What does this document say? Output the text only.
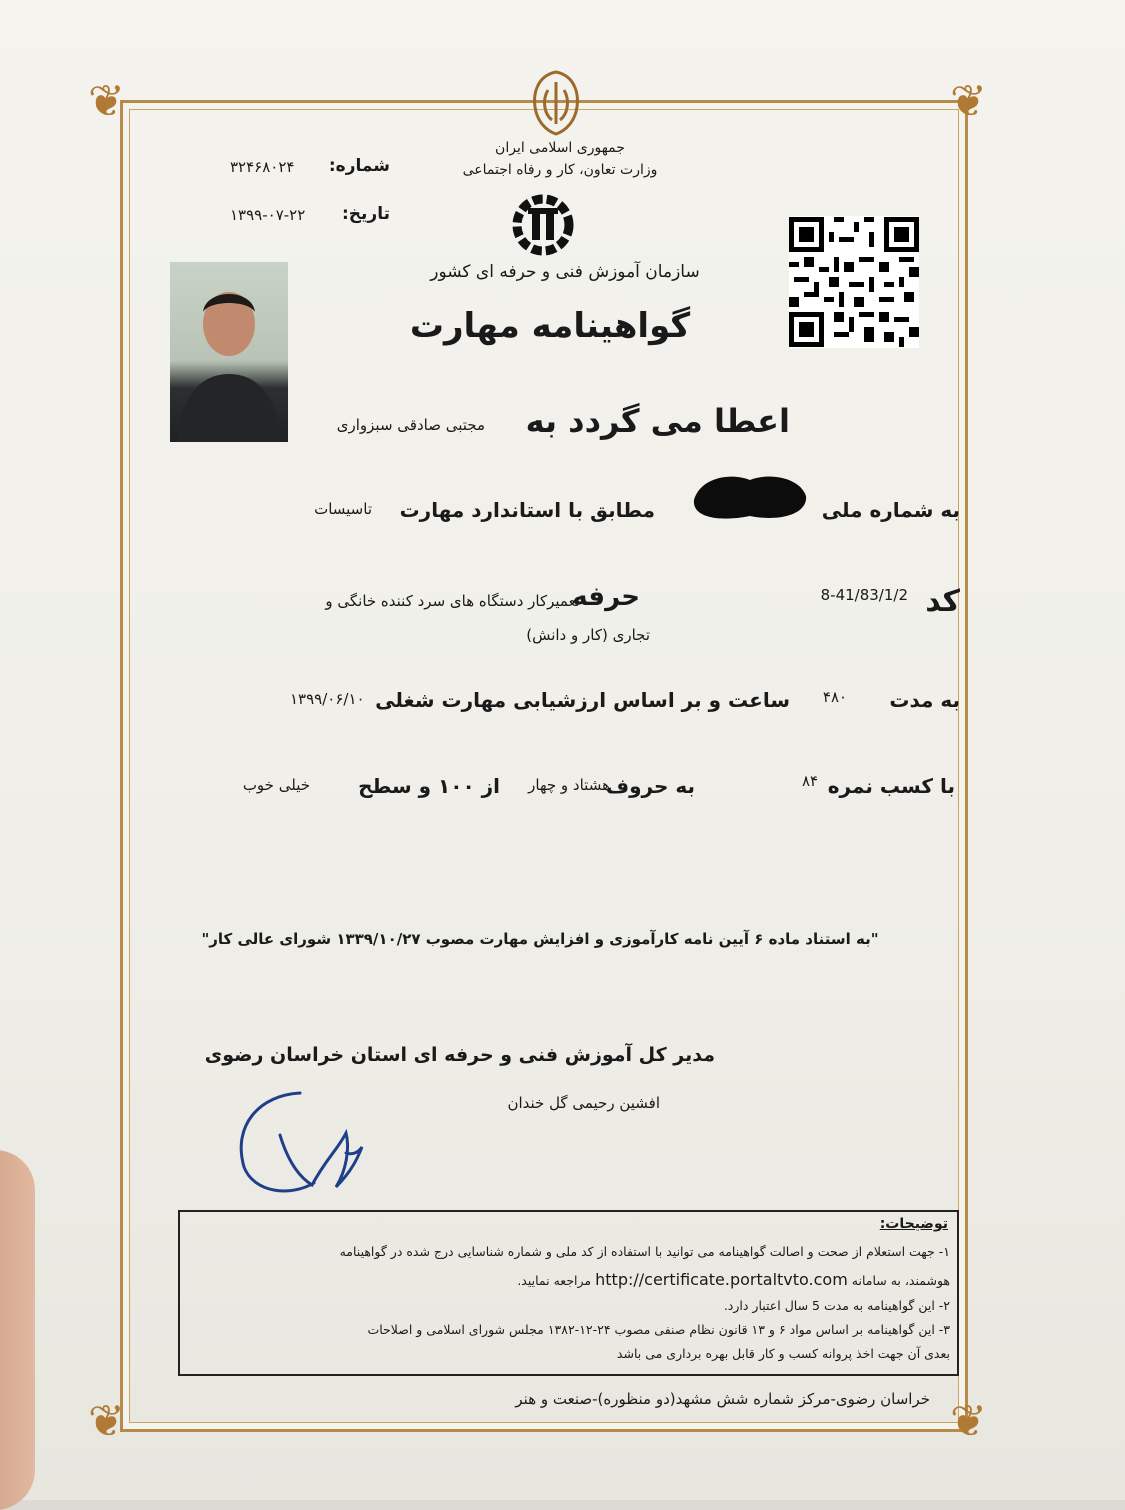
❦	❦
❦	❦
جمهوری اسلامی ایران
وزارت تعاون، کار و رفاه اجتماعی
شماره:
۳۲۴۶۸۰۲۴
تاریخ:
۱۳۹۹-۰۷-۲۲
سازمان آموزش فنی و حرفه ای کشور
گواهینامه مهارت
اعطا می گردد به
مجتبی صادقی سبزواری
به شماره ملی
مطابق با استاندارد مهارت
تاسیسات
کد
8-41/83/1/2
حرفه
تعمیرکار دستگاه های سرد کننده خانگی و
تجاری (کار و دانش)
به مدت
۴۸۰
ساعت و بر اساس ارزشیابی مهارت شغلی
۱۳۹۹/۰۶/۱۰
با کسب نمره
۸۴
به حروف
هشتاد و چهار
از ۱۰۰ و سطح
خیلی خوب
"به استناد ماده ۶ آیین نامه کارآموزی و افزایش مهارت مصوب ۱۳۳۹/۱۰/۲۷ شورای عالی کار"
مدیر کل آموزش فنی و حرفه ای استان خراسان رضوی
افشین رحیمی گل خندان
توضیحات:
۱- جهت استعلام از صحت و اصالت گواهینامه می توانید با استفاده از کد ملی و شماره شناسایی درج شده در گواهینامه
هوشمند، به سامانه http://certificate.portaltvto.com مراجعه نمایید.
۲- این گواهینامه به مدت 5 سال اعتبار دارد.
۳- این گواهینامه بر اساس مواد ۶ و ۱۳ قانون نظام صنفی مصوب ۲۴-۱۲-۱۳۸۲ مجلس شورای اسلامی و اصلاحات
بعدی آن جهت اخذ پروانه کسب و کار قابل بهره برداری می باشد
خراسان رضوی-مرکز شماره شش مشهد(دو منظوره)-صنعت و هنر
